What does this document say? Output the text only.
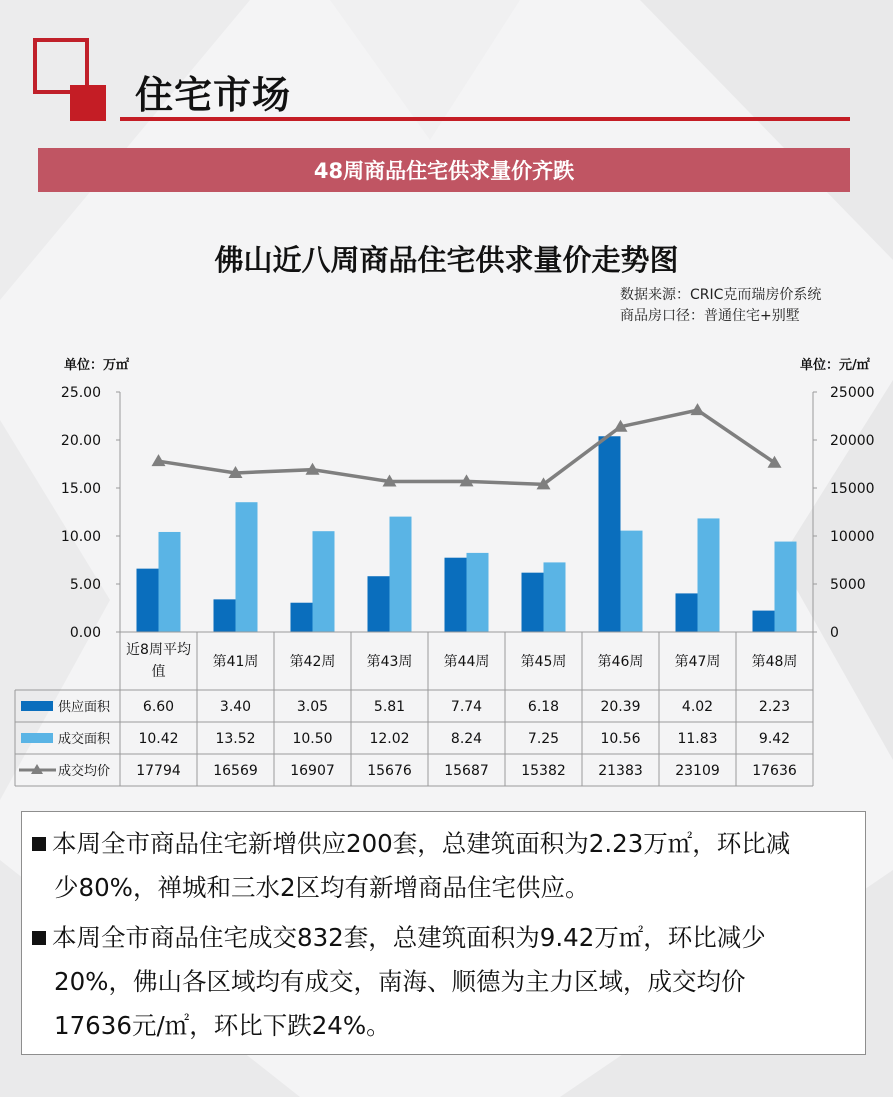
住宅市场
48周商品住宅供求量价齐跌
佛山近八周商品住宅供求量价走势图
数据来源：CRIC克而瑞房价系统
商品房口径：普通住宅+别墅
单位：万㎡	单位：元/㎡
0.00
5.00
10.00
15.00
20.00
25.00
0
5000
10000
15000
20000
25000
近8周平均
值
第41周 第42周 第43周 第44周 第45周 第46周 第47周 第48周
供应面积 6.60	3.40	3.05	5.81	7.74	6.18	20.39	4.02	2.23
成交面积 10.42	13.52	10.50	12.02	8.24	7.25	10.56	11.83	9.42
成交均价 17794 16569 16907 15676 15687 15382 21383 23109 17636
本周全市商品住宅新增供应200套，总建筑面积为2.23万㎡，环比减
少80%，禅城和三水2区均有新增商品住宅供应。
本周全市商品住宅成交832套，总建筑面积为9.42万㎡，环比减少
20%，佛山各区域均有成交，南海、顺德为主力区域，成交均价
17636元/㎡，环比下跌24%。
